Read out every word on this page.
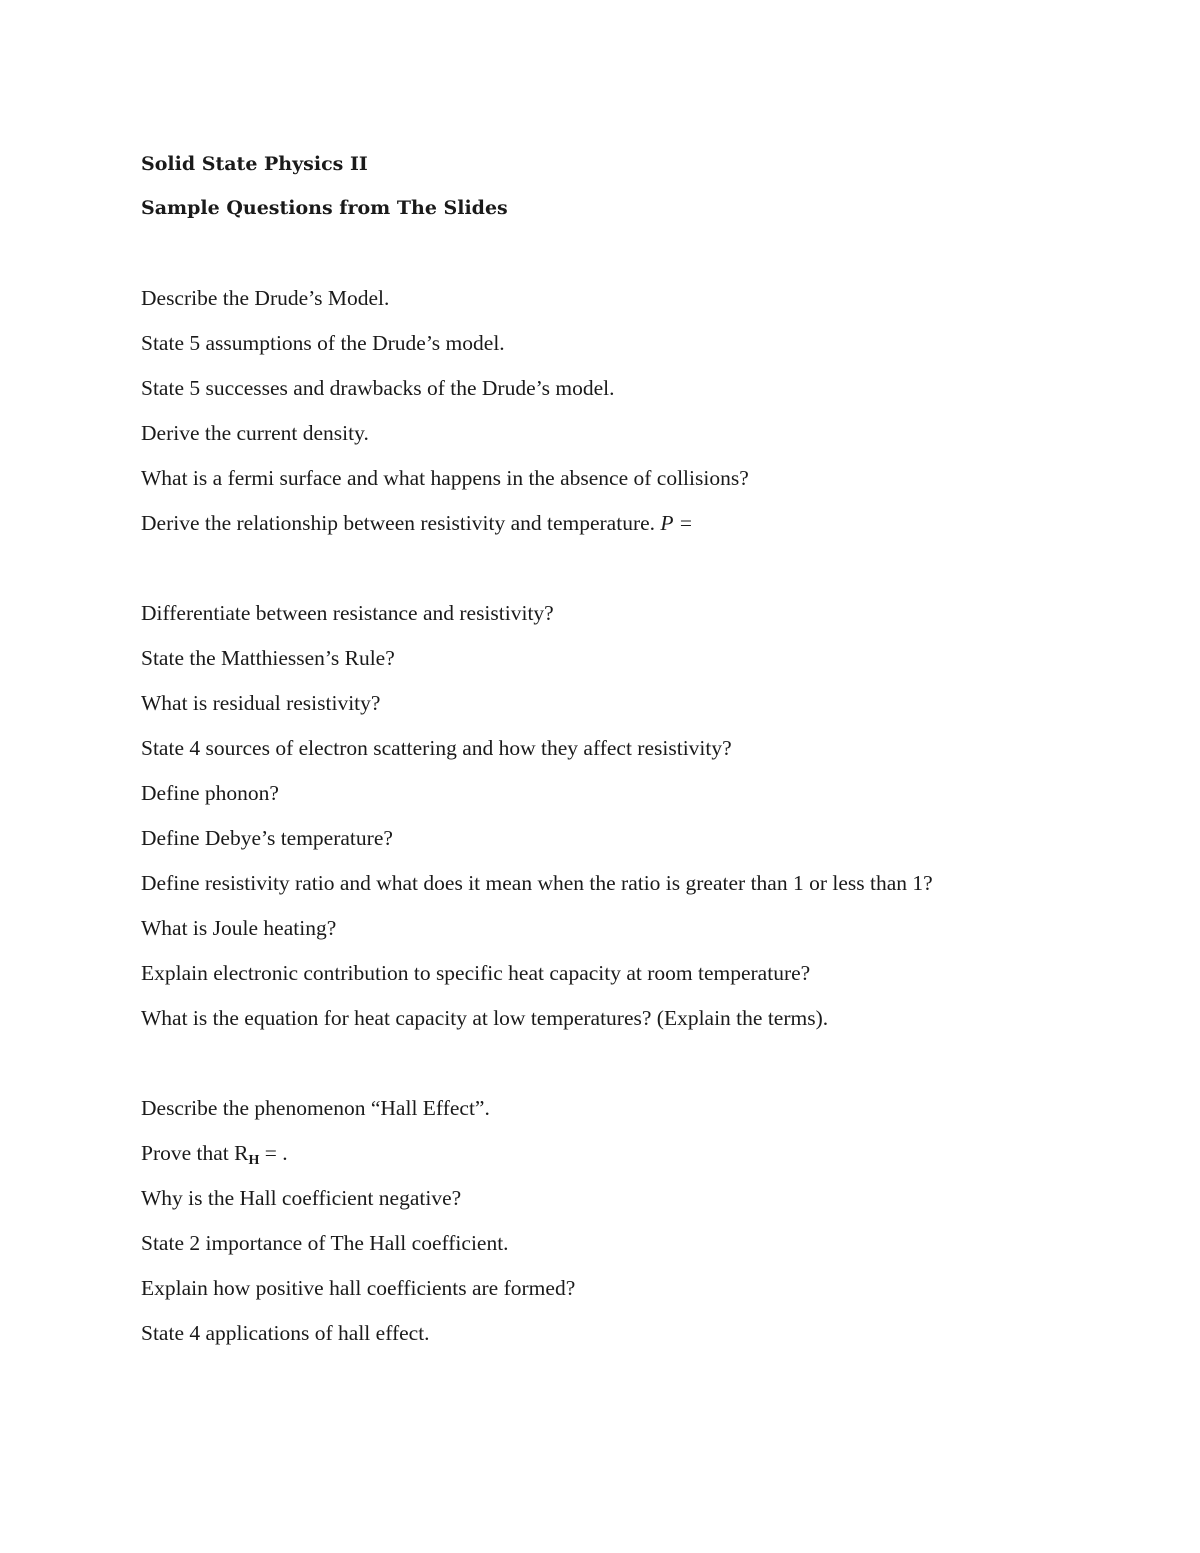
Solid State Physics II

Sample Questions from The Slides

Describe the Drude’s Model.

State 5 assumptions of the Drude’s model.

State 5 successes and drawbacks of the Drude’s model.

Derive the current density.

What is a fermi surface and what happens in the absence of collisions?

Derive the relationship between resistivity and temperature. P =

Differentiate between resistance and resistivity?

State the Matthiessen’s Rule?

What is residual resistivity?

State 4 sources of electron scattering and how they affect resistivity?

Define phonon?

Define Debye’s temperature?

Define resistivity ratio and what does it mean when the ratio is greater than 1 or less than 1?

What is Joule heating?

Explain electronic contribution to specific heat capacity at room temperature?

What is the equation for heat capacity at low temperatures? (Explain the terms).

Describe the phenomenon “Hall Effect”.

Prove that $R_H$ = .

Why is the Hall coefficient negative?

State 2 importance of The Hall coefficient.

Explain how positive hall coefficients are formed?

State 4 applications of hall effect.
